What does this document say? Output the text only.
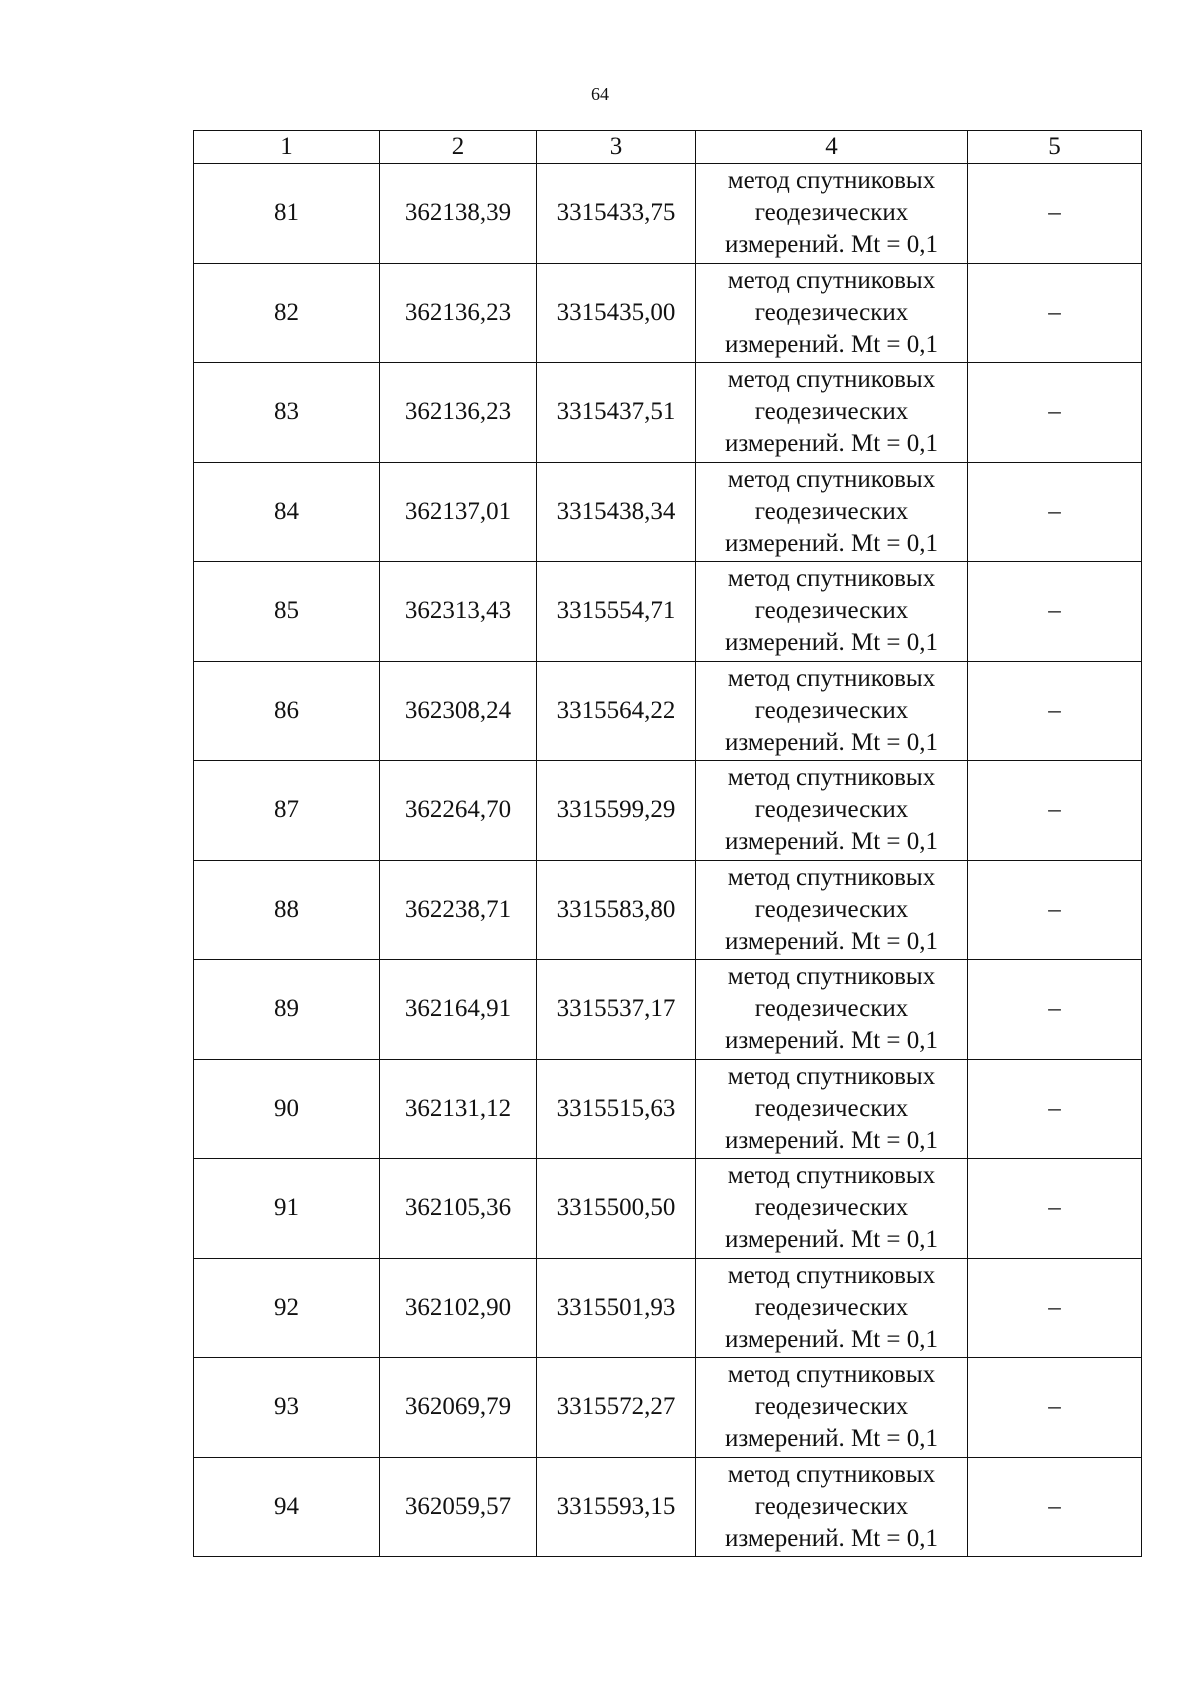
64
1	2	3	4	5
81	362138,39	3315433,75	метод спутниковых
геодезических
измерений. Mt = 0,1	–
82	362136,23	3315435,00	метод спутниковых
геодезических
измерений. Mt = 0,1	–
83	362136,23	3315437,51	метод спутниковых
геодезических
измерений. Mt = 0,1	–
84	362137,01	3315438,34	метод спутниковых
геодезических
измерений. Mt = 0,1	–
85	362313,43	3315554,71	метод спутниковых
геодезических
измерений. Mt = 0,1	–
86	362308,24	3315564,22	метод спутниковых
геодезических
измерений. Mt = 0,1	–
87	362264,70	3315599,29	метод спутниковых
геодезических
измерений. Mt = 0,1	–
88	362238,71	3315583,80	метод спутниковых
геодезических
измерений. Mt = 0,1	–
89	362164,91	3315537,17	метод спутниковых
геодезических
измерений. Mt = 0,1	–
90	362131,12	3315515,63	метод спутниковых
геодезических
измерений. Mt = 0,1	–
91	362105,36	3315500,50	метод спутниковых
геодезических
измерений. Mt = 0,1	–
92	362102,90	3315501,93	метод спутниковых
геодезических
измерений. Mt = 0,1	–
93	362069,79	3315572,27	метод спутниковых
геодезических
измерений. Mt = 0,1	–
94	362059,57	3315593,15	метод спутниковых
геодезических
измерений. Mt = 0,1	–
